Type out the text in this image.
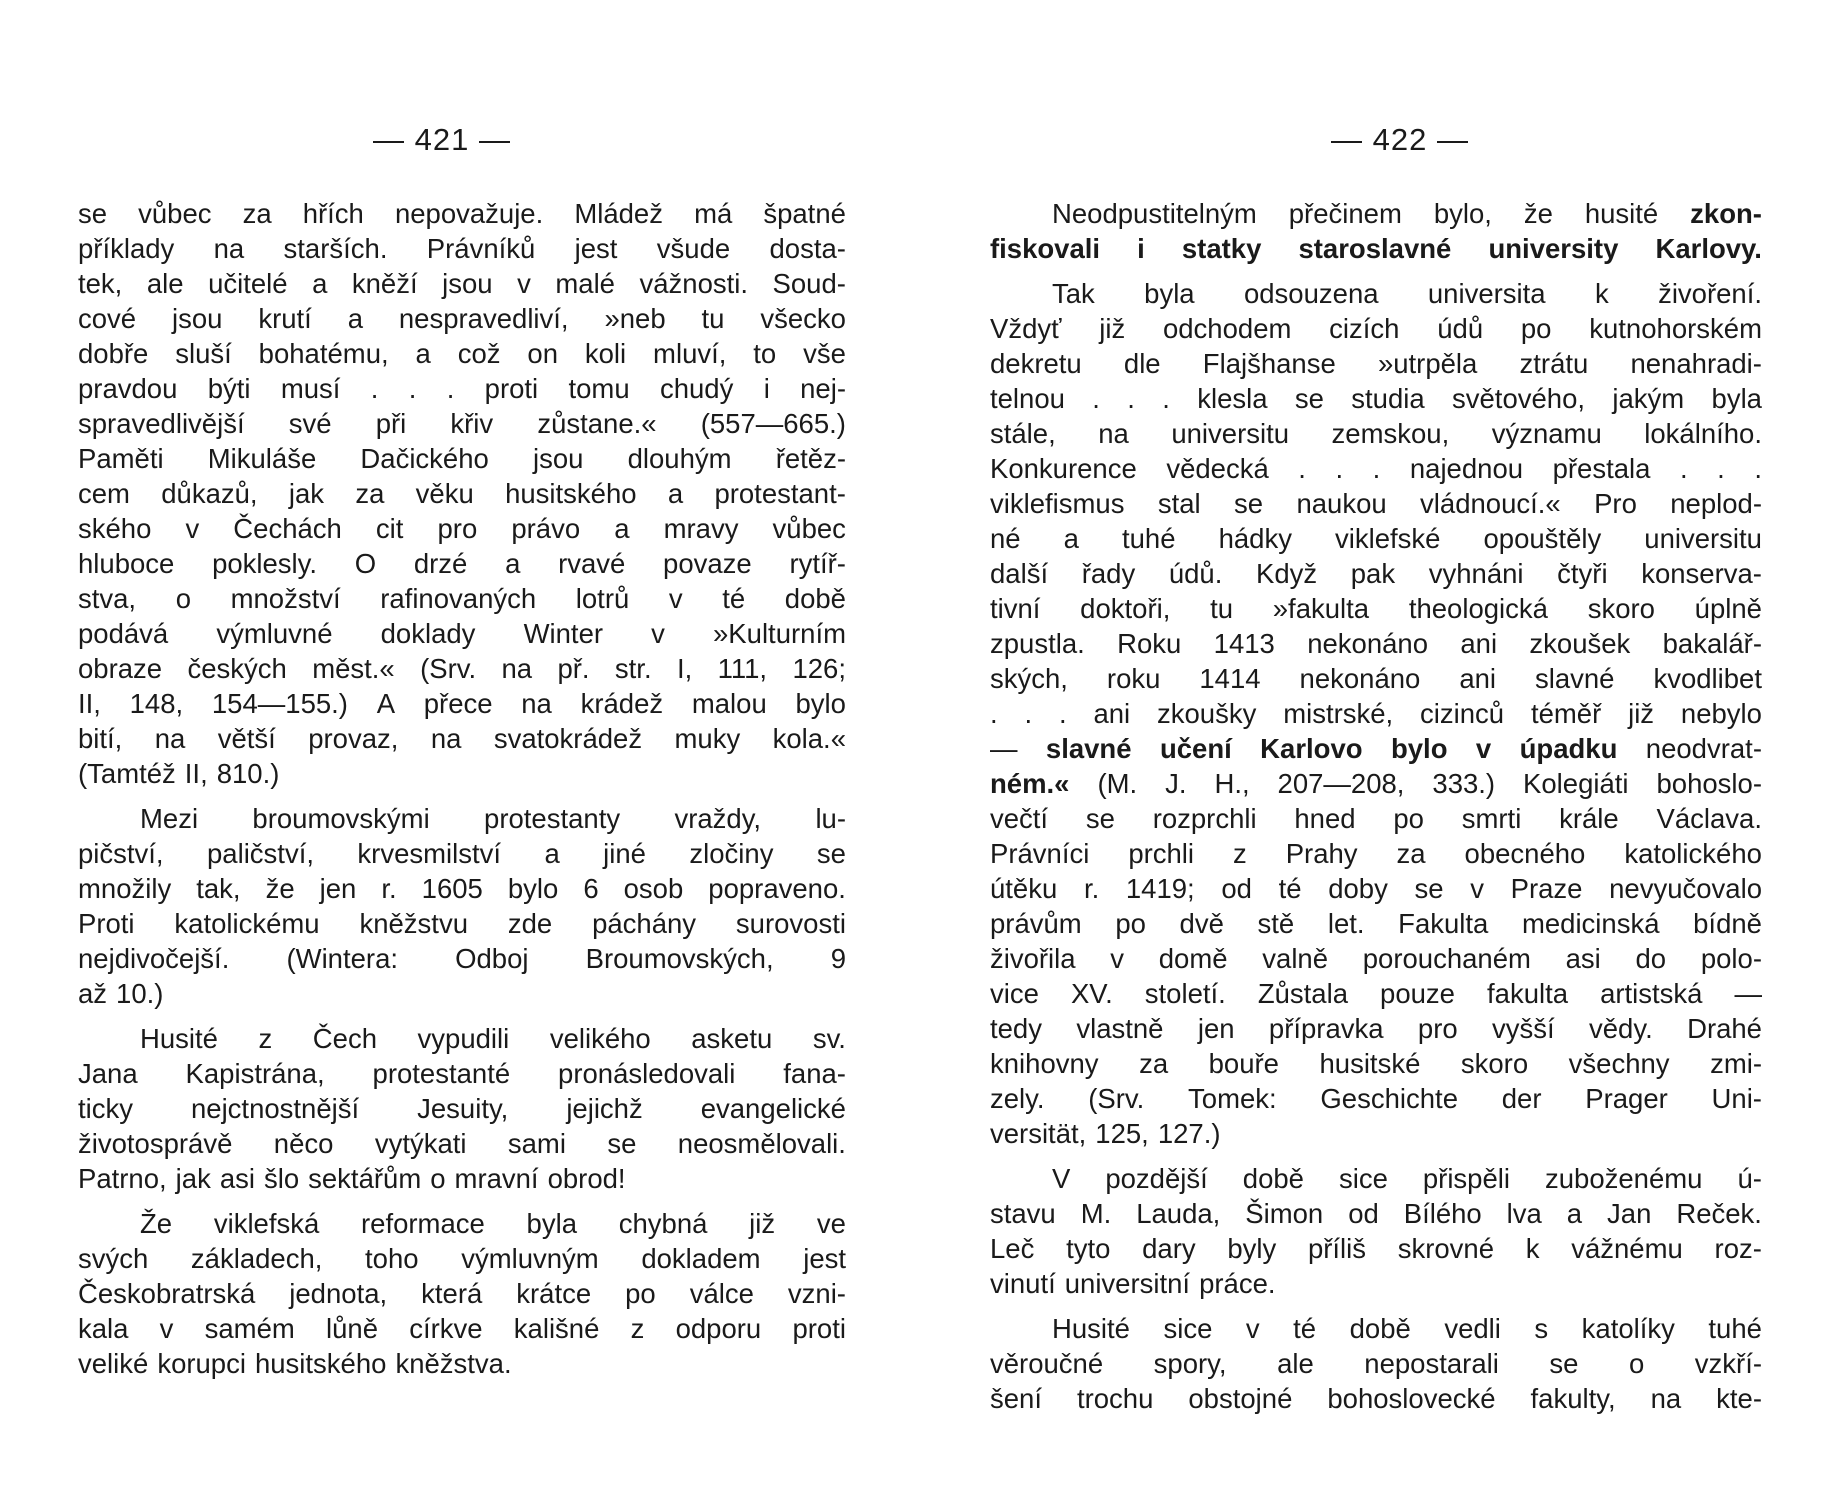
— 421 —
se vůbec za hřích nepovažuje. Mládež má špatné
příklady na starších. Právníků jest všude dosta-
tek, ale učitelé a kněží jsou v malé vážnosti. Soud-
cové jsou krutí a nespravedliví, »neb tu všecko
dobře sluší bohatému, a což on koli mluví, to vše
pravdou býti musí . . . proti tomu chudý i nej-
spravedlivější své při křiv zůstane.« (557—665.)
Paměti Mikuláše Dačického jsou dlouhým řetěz-
cem důkazů, jak za věku husitského a protestant-
ského v Čechách cit pro právo a mravy vůbec
hluboce poklesly. O drzé a rvavé povaze rytíř-
stva, o množství rafinovaných lotrů v té době
podává výmluvné doklady Winter v »Kulturním
obraze českých měst.« (Srv. na př. str. I, 111, 126;
II, 148, 154—155.) A přece na krádež malou bylo
bití, na větší provaz, na svatokrádež muky kola.«
(Tamtéž II, 810.)
Mezi broumovskými protestanty vraždy, lu-
pičství, paličství, krvesmilství a jiné zločiny se
množily tak, že jen r. 1605 bylo 6 osob popraveno.
Proti katolickému kněžstvu zde páchány surovosti
nejdivočejší. (Wintera: Odboj Broumovských, 9
až 10.)
Husité z Čech vypudili velikého asketu sv.
Jana Kapistrána, protestanté pronásledovali fana-
ticky nejctnostnější Jesuity, jejichž evangelické
životosprávě něco vytýkati sami se neosmělovali.
Patrno, jak asi šlo sektářům o mravní obrod!
Že viklefská reformace byla chybná již ve
svých základech, toho výmluvným dokladem jest
Českobratrská jednota, která krátce po válce vzni-
kala v samém lůně církve kališné z odporu proti
veliké korupci husitského kněžstva.
— 422 —
Neodpustitelným přečinem bylo, že husité zkon-
fiskovali i statky staroslavné university Karlovy.
Tak byla odsouzena universita k živoření.
Vždyť již odchodem cizích údů po kutnohorském
dekretu dle Flajšhanse »utrpěla ztrátu nenahradi-
telnou . . . klesla se studia světového, jakým byla
stále, na universitu zemskou, významu lokálního.
Konkurence vědecká . . . najednou přestala . . .
viklefismus stal se naukou vládnoucí.« Pro neplod-
né a tuhé hádky viklefské opouštěly universitu
další řady údů. Když pak vyhnáni čtyři konserva-
tivní doktoři, tu »fakulta theologická skoro úplně
zpustla. Roku 1413 nekonáno ani zkoušek bakalář-
ských, roku 1414 nekonáno ani slavné kvodlibet
. . . ani zkoušky mistrské, cizinců téměř již nebylo
— slavné učení Karlovo bylo v úpadku neodvrat-
ném.« (M. J. H., 207—208, 333.) Kolegiáti bohoslo-
večtí se rozprchli hned po smrti krále Václava.
Právníci prchli z Prahy za obecného katolického
útěku r. 1419; od té doby se v Praze nevyučovalo
právům po dvě stě let. Fakulta medicinská bídně
živořila v domě valně porouchaném asi do polo-
vice XV. století. Zůstala pouze fakulta artistská —
tedy vlastně jen přípravka pro vyšší vědy. Drahé
knihovny za bouře husitské skoro všechny zmi-
zely. (Srv. Tomek: Geschichte der Prager Uni-
versität, 125, 127.)
V pozdější době sice přispěli zuboženému ú-
stavu M. Lauda, Šimon od Bílého lva a Jan Reček.
Leč tyto dary byly příliš skrovné k vážnému roz-
vinutí universitní práce.
Husité sice v té době vedli s katolíky tuhé
věroučné spory, ale nepostarali se o vzkří-
šení trochu obstojné bohoslovecké fakulty, na kte-
